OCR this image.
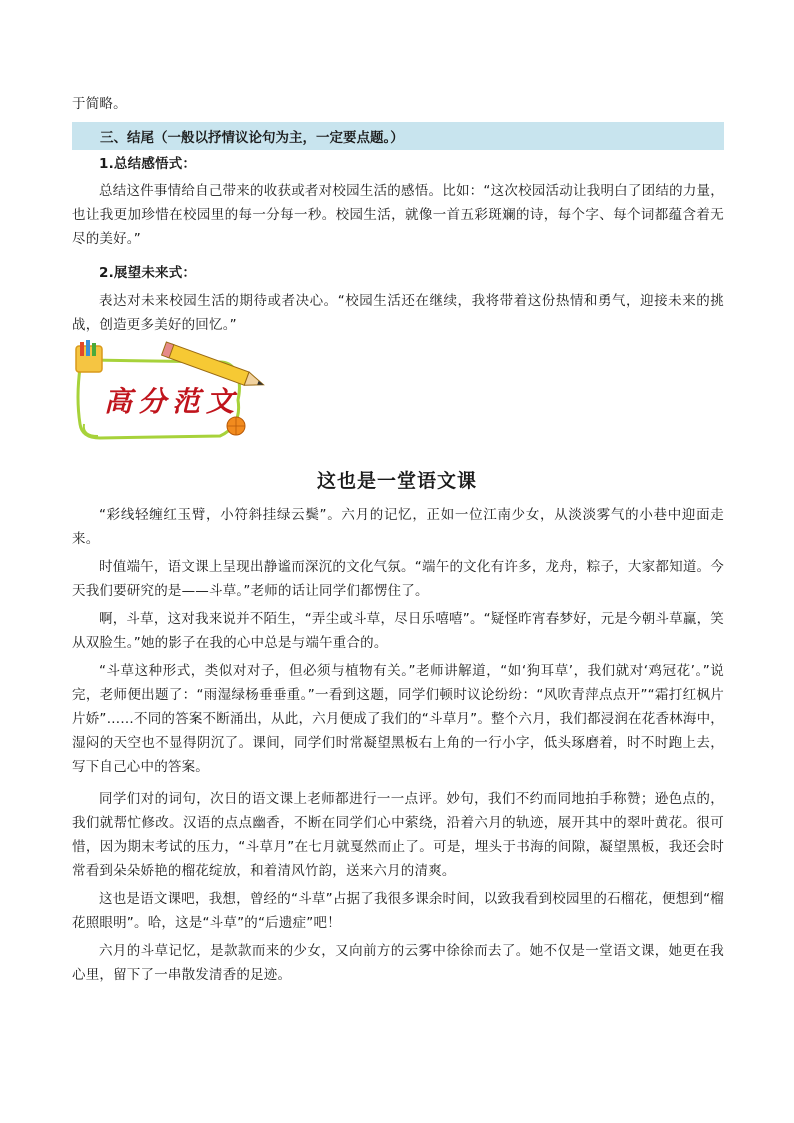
于简略。

三、结尾（一般以抒情议论句为主，一定要点题。）

1.总结感悟式：

总结这件事情给自己带来的收获或者对校园生活的感悟。比如：“这次校园活动让我明白了团结的力量，也让我更加珍惜在校园里的每一分每一秒。校园生活，就像一首五彩斑斓的诗，每个字、每个词都蕴含着无尽的美好。”

2.展望未来式：

表达对未来校园生活的期待或者决心。“校园生活还在继续，我将带着这份热情和勇气，迎接未来的挑战，创造更多美好的回忆。”

高分范文
这也是一堂语文课

“彩线轻缠红玉臂，小符斜挂绿云鬓”。六月的记忆，正如一位江南少女，从淡淡雾气的小巷中迎面走来。

时值端午，语文课上呈现出静谧而深沉的文化气氛。“端午的文化有许多，龙舟，粽子，大家都知道。今天我们要研究的是——斗草。”老师的话让同学们都愣住了。

啊，斗草，这对我来说并不陌生，“弄尘或斗草，尽日乐嘻嘻”。“疑怪昨宵春梦好，元是今朝斗草赢，笑从双脸生。”她的影子在我的心中总是与端午重合的。

“斗草这种形式，类似对对子，但必须与植物有关。”老师讲解道，“如‘狗耳草’，我们就对‘鸡冠花’。”说完，老师便出题了：“雨湿绿杨垂垂重。”一看到这题，同学们顿时议论纷纷：“风吹青萍点点开”“霜打红枫片片娇”……不同的答案不断涌出，从此，六月便成了我们的“斗草月”。整个六月，我们都浸润在花香林海中，湿闷的天空也不显得阴沉了。课间，同学们时常凝望黑板右上角的一行小字，低头琢磨着，时不时跑上去，写下自己心中的答案。

同学们对的词句，次日的语文课上老师都进行一一点评。妙句，我们不约而同地拍手称赞；逊色点的，我们就帮忙修改。汉语的点点幽香，不断在同学们心中萦绕，沿着六月的轨迹，展开其中的翠叶黄花。很可惜，因为期末考试的压力，“斗草月”在七月就戛然而止了。可是，埋头于书海的间隙，凝望黑板，我还会时常看到朵朵娇艳的榴花绽放，和着清风竹韵，送来六月的清爽。

这也是语文课吧，我想，曾经的“斗草”占据了我很多课余时间，以致我看到校园里的石榴花，便想到“榴花照眼明”。哈，这是“斗草”的“后遗症”吧！

六月的斗草记忆，是款款而来的少女，又向前方的云雾中徐徐而去了。她不仅是一堂语文课，她更在我心里，留下了一串散发清香的足迹。
